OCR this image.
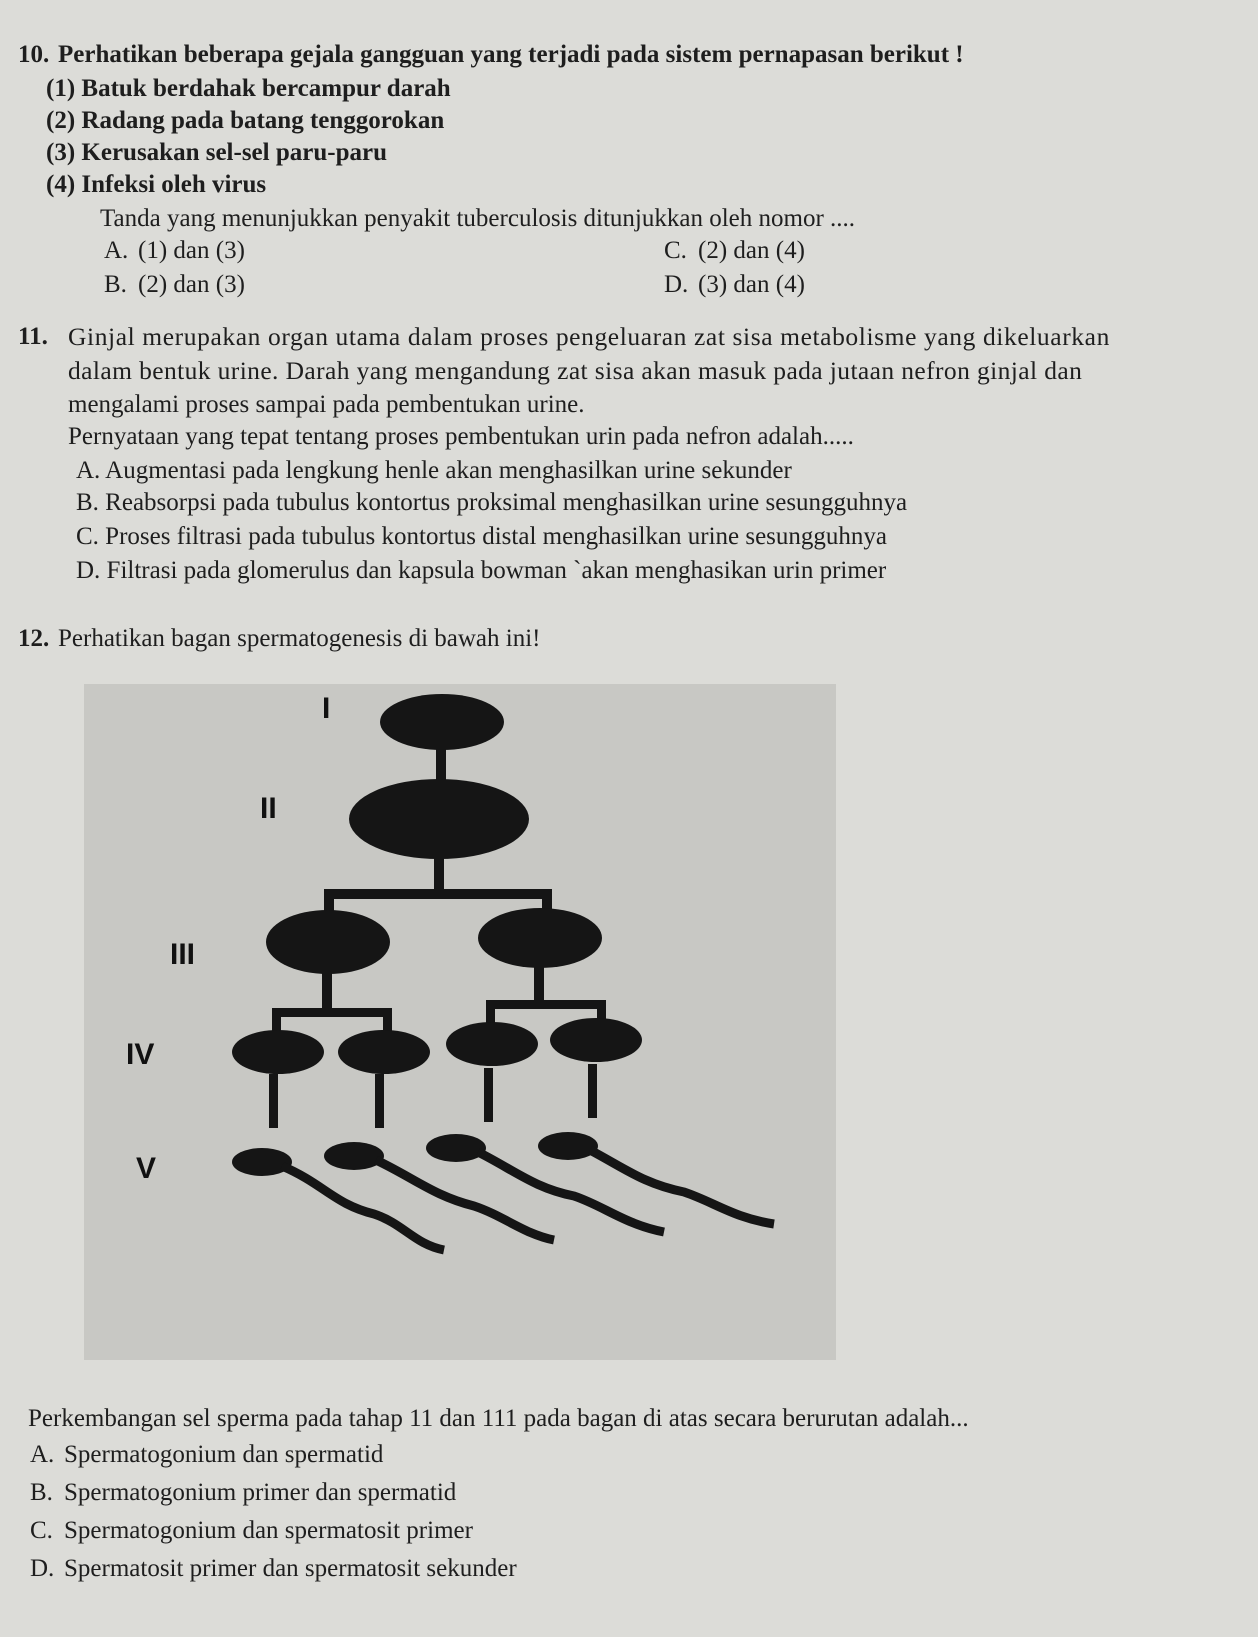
10. Perhatikan beberapa gejala gangguan yang terjadi pada sistem pernapasan berikut !
(1) Batuk berdahak bercampur darah
(2) Radang pada batang tenggorokan
(3) Kerusakan sel-sel paru-paru
(4) Infeksi oleh virus
Tanda yang menunjukkan penyakit tuberculosis ditunjukkan oleh nomor ....
A. (1) dan (3)
B. (2) dan (3)
C. (2) dan (4)
D. (3) dan (4)
11. Ginjal merupakan organ utama dalam proses pengeluaran zat sisa metabolisme yang dikeluarkan
dalam bentuk urine. Darah yang mengandung zat sisa akan masuk pada jutaan nefron ginjal dan
mengalami proses sampai pada pembentukan urine.
Pernyataan yang tepat tentang proses pembentukan urin pada nefron adalah.....
A. Augmentasi pada lengkung henle akan menghasilkan urine sekunder
B. Reabsorpsi pada tubulus kontortus proksimal menghasilkan urine sesungguhnya
C. Proses filtrasi pada tubulus kontortus distal menghasilkan urine sesungguhnya
D. Filtrasi pada glomerulus dan kapsula bowman `akan menghasikan urin primer
12. Perhatikan bagan spermatogenesis di bawah ini!
I
II
III
IV
V
Perkembangan sel sperma pada tahap 11 dan 111 pada bagan di atas secara berurutan adalah...
A. Spermatogonium dan spermatid
B. Spermatogonium primer dan spermatid
C. Spermatogonium dan spermatosit primer
D. Spermatosit primer dan spermatosit sekunder
